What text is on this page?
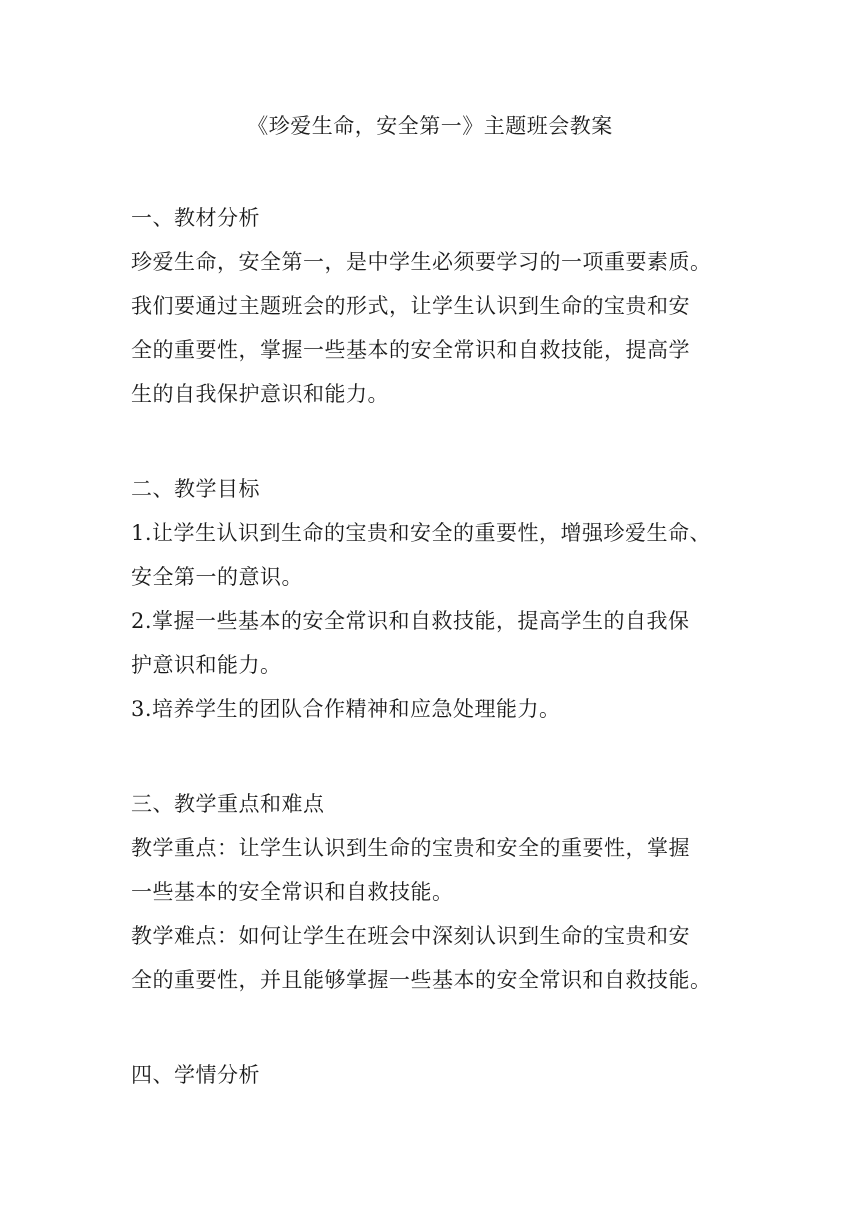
《珍爱生命，安全第一》主题班会教案

一、教材分析

珍爱生命，安全第一，是中学生必须要学习的一项重要素质。

我们要通过主题班会的形式，让学生认识到生命的宝贵和安

全的重要性，掌握一些基本的安全常识和自救技能，提高学

生的自我保护意识和能力。

二、教学目标

1.让学生认识到生命的宝贵和安全的重要性，增强珍爱生命、

安全第一的意识。

2.掌握一些基本的安全常识和自救技能，提高学生的自我保

护意识和能力。

3.培养学生的团队合作精神和应急处理能力。

三、教学重点和难点

教学重点：让学生认识到生命的宝贵和安全的重要性，掌握

一些基本的安全常识和自救技能。

教学难点：如何让学生在班会中深刻认识到生命的宝贵和安

全的重要性，并且能够掌握一些基本的安全常识和自救技能。

四、学情分析
